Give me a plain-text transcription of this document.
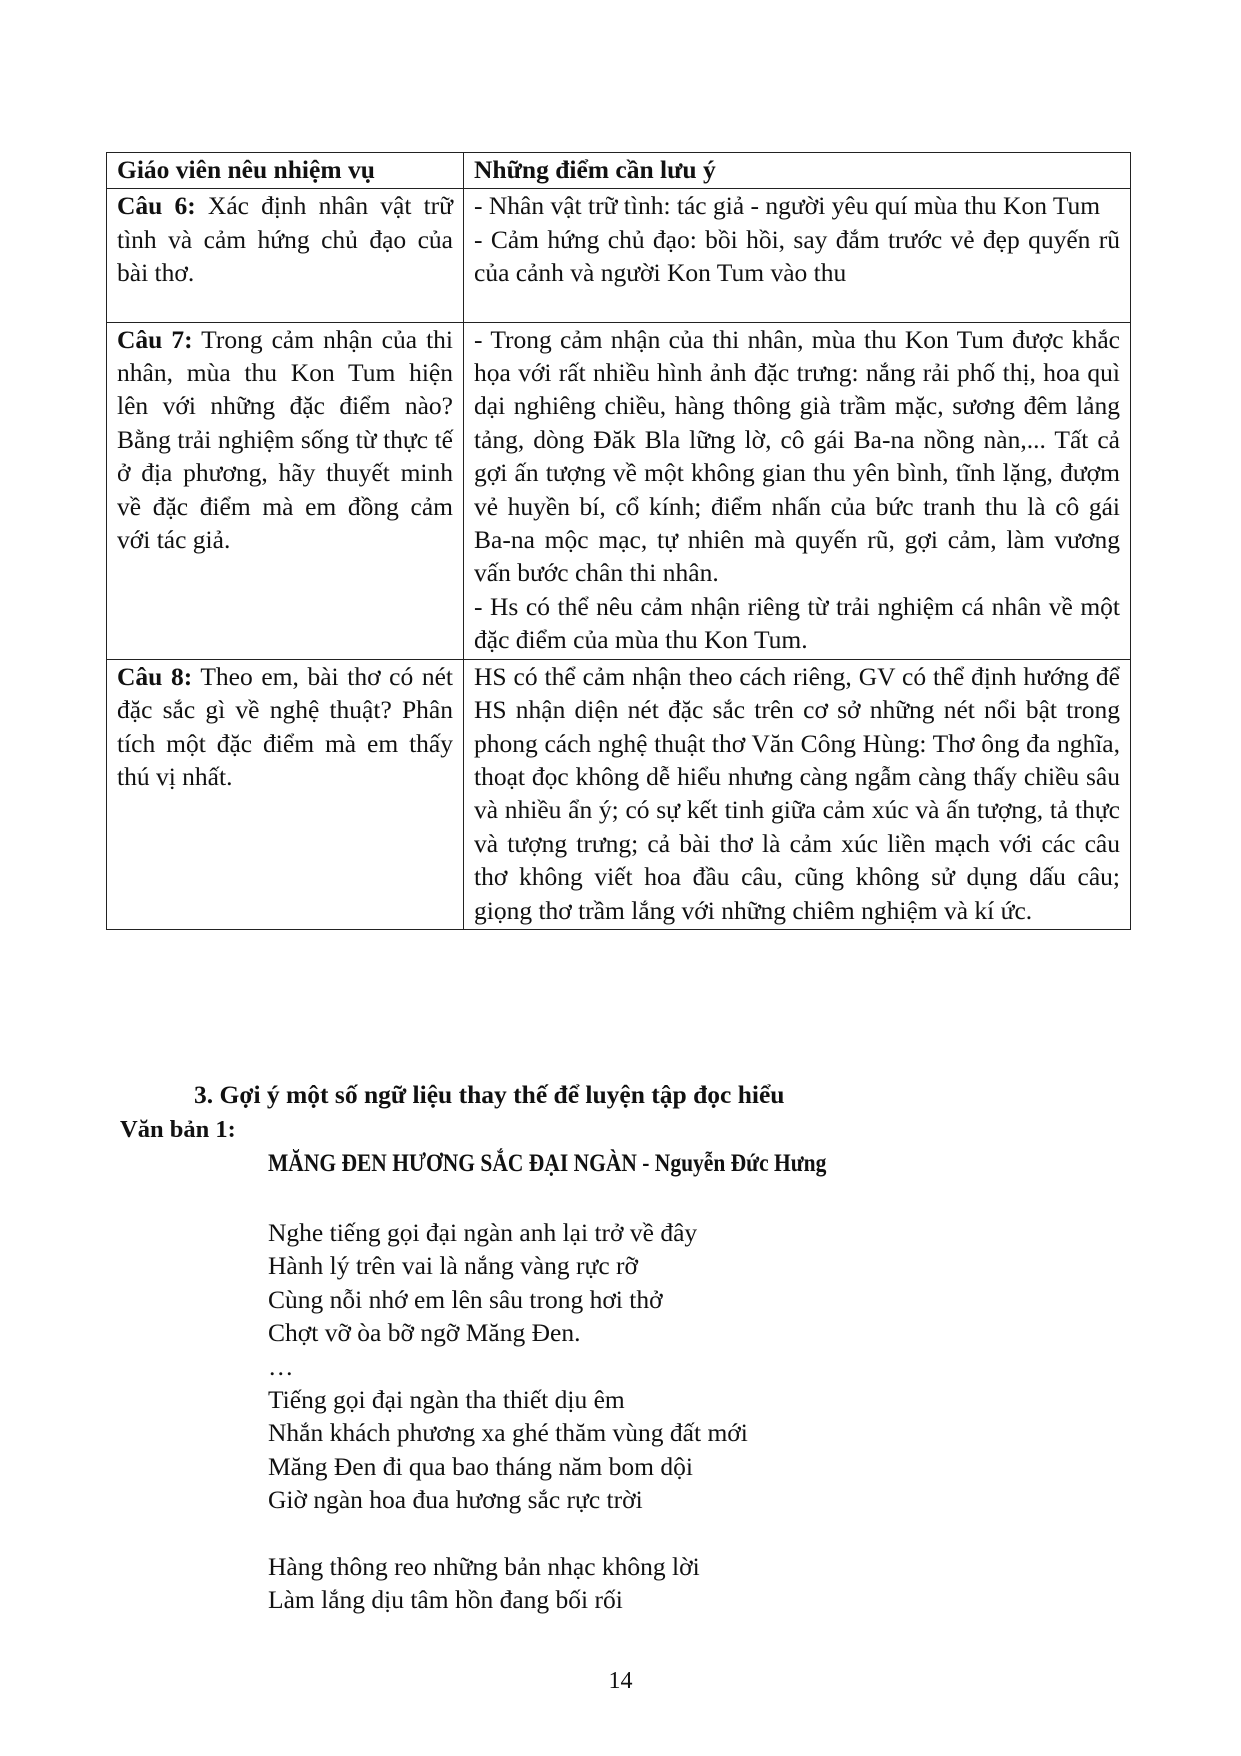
Giáo viên nêu nhiệm vụ	Những điểm cần lưu ý
Câu 6: Xác định nhân vật trữ tình và cảm hứng chủ đạo của bài thơ.	- Nhân vật trữ tình: tác giả - người yêu quí mùa thu Kon Tum
- Cảm hứng chủ đạo: bồi hồi, say đắm trước vẻ đẹp quyến rũ của cảnh và người Kon Tum vào thu

Câu 7: Trong cảm nhận của thi nhân, mùa thu Kon Tum hiện lên với những đặc điểm nào? Bằng trải nghiệm sống từ thực tế ở địa phương, hãy thuyết minh về đặc điểm mà em đồng cảm với tác giả.	- Trong cảm nhận của thi nhân, mùa thu Kon Tum được khắc họa với rất nhiều hình ảnh đặc trưng: nắng rải phố thị, hoa quì dại nghiêng chiều, hàng thông già trầm mặc, sương đêm lảng tảng, dòng Đăk Bla lững lờ, cô gái Ba-na nồng nàn,... Tất cả gợi ấn tượng về một không gian thu yên bình, tĩnh lặng, đượm vẻ huyền bí, cổ kính; điểm nhấn của bức tranh thu là cô gái Ba-na mộc mạc, tự nhiên mà quyến rũ, gợi cảm, làm vương vấn bước chân thi nhân.
- Hs có thể nêu cảm nhận riêng từ trải nghiệm cá nhân về một đặc điểm của mùa thu Kon Tum.

Câu 8: Theo em, bài thơ có nét đặc sắc gì về nghệ thuật? Phân tích một đặc điểm mà em thấy thú vị nhất.	HS có thể cảm nhận theo cách riêng, GV có thể định hướng để HS nhận diện nét đặc sắc trên cơ sở những nét nổi bật trong phong cách nghệ thuật thơ Văn Công Hùng: Thơ ông đa nghĩa, thoạt đọc không dễ hiểu nhưng càng ngẫm càng thấy chiều sâu và nhiều ẩn ý; có sự kết tinh giữa cảm xúc và ấn tượng, tả thực và tượng trưng; cả bài thơ là cảm xúc liền mạch với các câu thơ không viết hoa đầu câu, cũng không sử dụng dấu câu; giọng thơ trầm lắng với những chiêm nghiệm và kí ức.

3. Gợi ý một số ngữ liệu thay thế để luyện tập đọc hiểu

Văn bản 1:

MĂNG ĐEN HƯƠNG SẮC ĐẠI NGÀN - Nguyễn Đức Hưng

Nghe tiếng gọi đại ngàn anh lại trở về đây
Hành lý trên vai là nắng vàng rực rỡ
Cùng nỗi nhớ em lên sâu trong hơi thở
Chợt vỡ òa bỡ ngỡ Măng Đen.
…
Tiếng gọi đại ngàn tha thiết dịu êm
Nhắn khách phương xa ghé thăm vùng đất mới
Măng Đen đi qua bao tháng năm bom dội
Giờ ngàn hoa đua hương sắc rực trời
Hàng thông reo những bản nhạc không lời
Làm lắng dịu tâm hồn đang bối rối
14
